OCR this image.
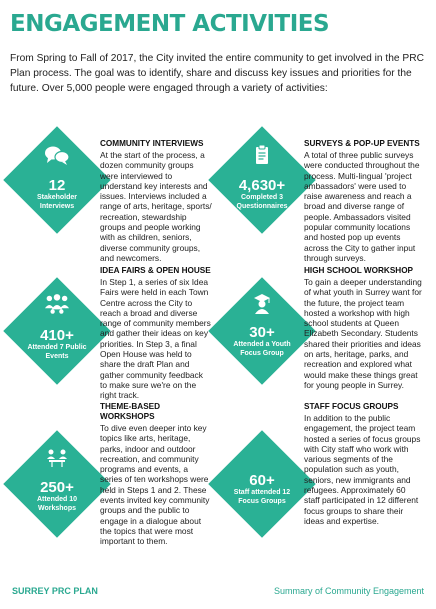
ENGAGEMENT ACTIVITIES
From Spring to Fall of 2017, the City invited the entire community to get involved in the PRC Plan process. The goal was to identify, share and discuss key issues and priorities for the future. Over 5,000 people were engaged through a variety of activities:
12
Stakeholder Interviews
COMMUNITY INTERVIEWS

At the start of the process, a dozen community groups were interviewed to understand key interests and issues. Interviews included a range of arts, heritage, sports/ recreation, stewardship groups and people working with as children, seniors, diverse community groups, and newcomers.

4,630+
Completed 3 Questionnaires
SURVEYS & POP-UP EVENTS

A total of three public surveys were conducted throughout the process. Multi-lingual 'project ambassadors' were used to raise awareness and reach a broad and diverse range of people. Ambassadors visited popular community locations and hosted pop up events across the City to gather input through surveys.

410+
Attended 7 Public Events
IDEA FAIRS & OPEN HOUSE

In Step 1, a series of six Idea Fairs were held in each Town Centre across the City to reach a broad and diverse range of community members and gather their ideas on key priorities. In Step 3, a final Open House was held to share the draft Plan and gather community feedback to make sure we're on the right track.

30+
Attended a Youth Focus Group
HIGH SCHOOL WORKSHOP

To gain a deeper understanding of what youth in Surrey want for the future, the project team hosted a workshop with high school students at Queen Elizabeth Secondary. Students shared their priorities and ideas on arts, heritage, parks, and recreation and explored what would make these things great for young people in Surrey.

250+
Attended 10 Workshops
THEME-BASED WORKSHOPS

To dive even deeper into key topics like arts, heritage, parks, indoor and outdoor recreation, and community programs and events, a series of ten workshops were held in Steps 1 and 2. These events invited key community groups and the public to engage in a dialogue about the topics that were most important to them.

60+
Staff attended 12 Focus Groups
STAFF FOCUS GROUPS

In addition to the public engagement, the project team hosted a series of focus groups with City staff who work with various segments of the population such as youth, seniors, new immigrants and refugees. Approximately 60 staff participated in 12 different focus groups to share their ideas and expertise.

SURREY PRC PLAN	Summary of Community Engagement
